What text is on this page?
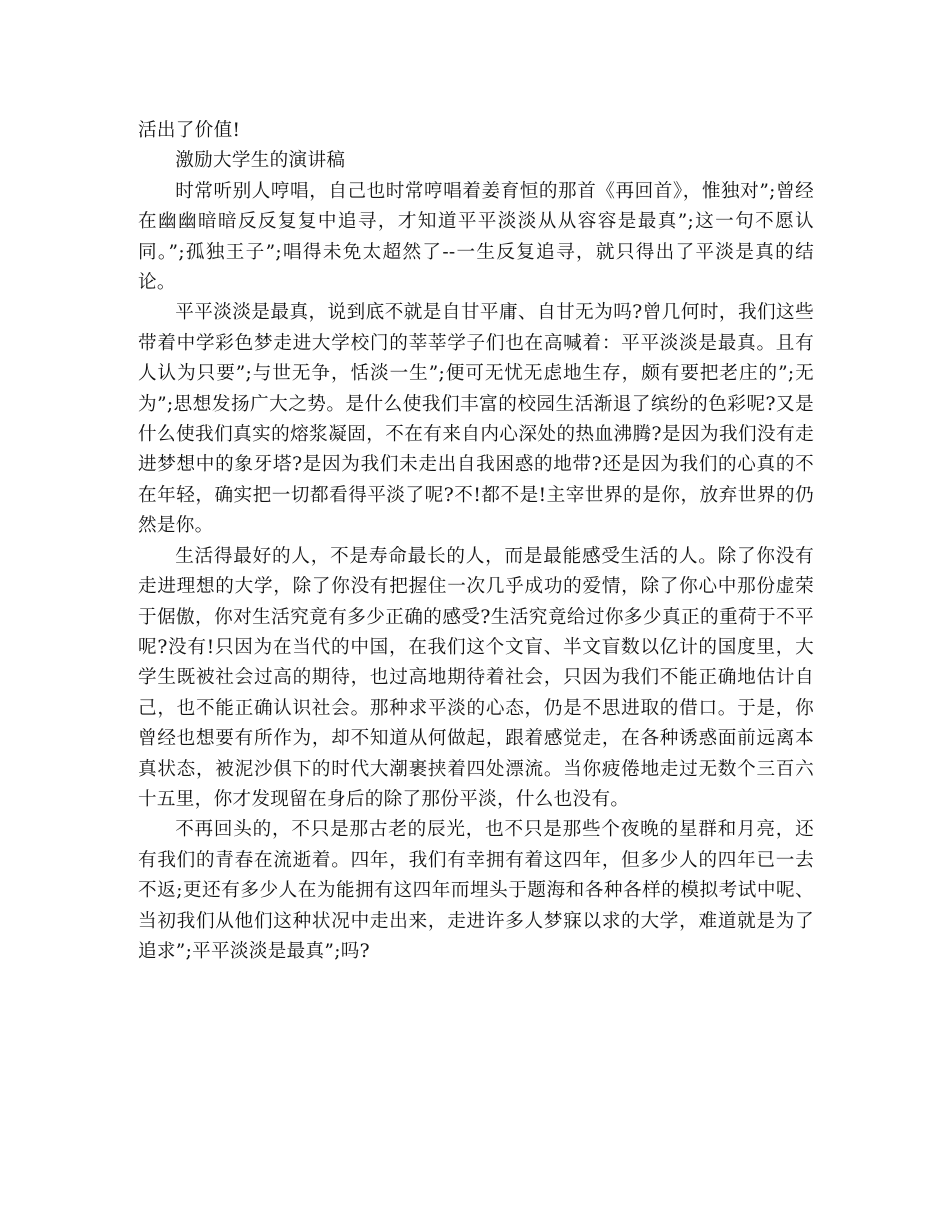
活出了价值!

激励大学生的演讲稿

时常听别人哼唱，自己也时常哼唱着姜育恒的那首《再回首》，惟独对”;曾经在幽幽暗暗反反复复中追寻，才知道平平淡淡从从容容是最真”;这一句不愿认同。”;孤独王子”;唱得未免太超然了--一生反复追寻，就只得出了平淡是真的结论。

平平淡淡是最真，说到底不就是自甘平庸、自甘无为吗?曾几何时，我们这些带着中学彩色梦走进大学校门的莘莘学子们也在高喊着：平平淡淡是最真。且有人认为只要”;与世无争，恬淡一生”;便可无忧无虑地生存，颇有要把老庄的”;无为”;思想发扬广大之势。是什么使我们丰富的校园生活渐退了缤纷的色彩呢?又是什么使我们真实的熔浆凝固，不在有来自内心深处的热血沸腾?是因为我们没有走进梦想中的象牙塔?是因为我们未走出自我困惑的地带?还是因为我们的心真的不在年轻，确实把一切都看得平淡了呢?不!都不是!主宰世界的是你，放弃世界的仍然是你。

生活得最好的人，不是寿命最长的人，而是最能感受生活的人。除了你没有走进理想的大学，除了你没有把握住一次几乎成功的爱情，除了你心中那份虚荣于倨傲，你对生活究竟有多少正确的感受?生活究竟给过你多少真正的重荷于不平呢?没有!只因为在当代的中国，在我们这个文盲、半文盲数以亿计的国度里，大学生既被社会过高的期待，也过高地期待着社会，只因为我们不能正确地估计自己，也不能正确认识社会。那种求平淡的心态，仍是不思进取的借口。于是，你曾经也想要有所作为，却不知道从何做起，跟着感觉走，在各种诱惑面前远离本真状态，被泥沙俱下的时代大潮裹挟着四处漂流。当你疲倦地走过无数个三百六十五里，你才发现留在身后的除了那份平淡，什么也没有。

不再回头的，不只是那古老的辰光，也不只是那些个夜晚的星群和月亮，还有我们的青春在流逝着。四年，我们有幸拥有着这四年，但多少人的四年已一去不返;更还有多少人在为能拥有这四年而埋头于题海和各种各样的模拟考试中呢、当初我们从他们这种状况中走出来，走进许多人梦寐以求的大学，难道就是为了追求”;平平淡淡是最真”;吗?
